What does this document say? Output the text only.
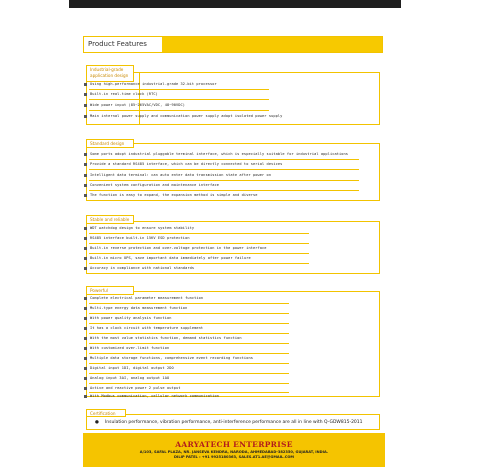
Product Features
Industrial-grade application design
Using high-performance industrial-grade 32-bit processor
Built-in real-time clock (RTC)
Wide power input (85~265VAC/VDC, 48~90VDC)
Main internal power supply and communication power supply adopt isolated power supply
Standard design
Some ports adopt industrial pluggable terminal interface, which is especially suitable for industrial applications
Provide a standard RS485 interface, which can be directly connected to serial devices
Intelligent data terminal: can auto enter data transmission state after power on
Convenient system configuration and maintenance interface
The function is easy to expand, the expansion method is simple and diverse
Stable and reliable
WDT watchdog design to ensure system stability
RS485 interface built-in 15KV ESD protection
Built-in reverse protection and over-voltage protection in the power interface
Built-in micro UPS, save important data immediately after power failure
Accuracy in compliance with national standards
Powerful
Complete electrical parameter measurement function
Multi-type energy data measurement function
With power quality analysis function
It has a clock circuit with temperature supplement
With the most value statistics function, demand statistics function
With customized over-limit function
Multiple data storage functions, comprehensive event recording functions
Digital input 1DI, digital output 2DO
Analog input 3AI, analog output 1AO
Active and reactive power 2 pulse output
With Modbus communication, cellular network communication
Certification
● Insulation performance, vibration performance, anti-interference performance are all in line with Q-GDW815-2011
AARYATECH ENTERPRISE
A/103, SAFAL PLAZA, NR. JANSEVA KENDRA, NARODA, AHMEDABAD-382350, GUJARAT, INDIA.
DILIP PATEL : +91 9925180363, SALES.AT1.AE@GMAIL.COM
